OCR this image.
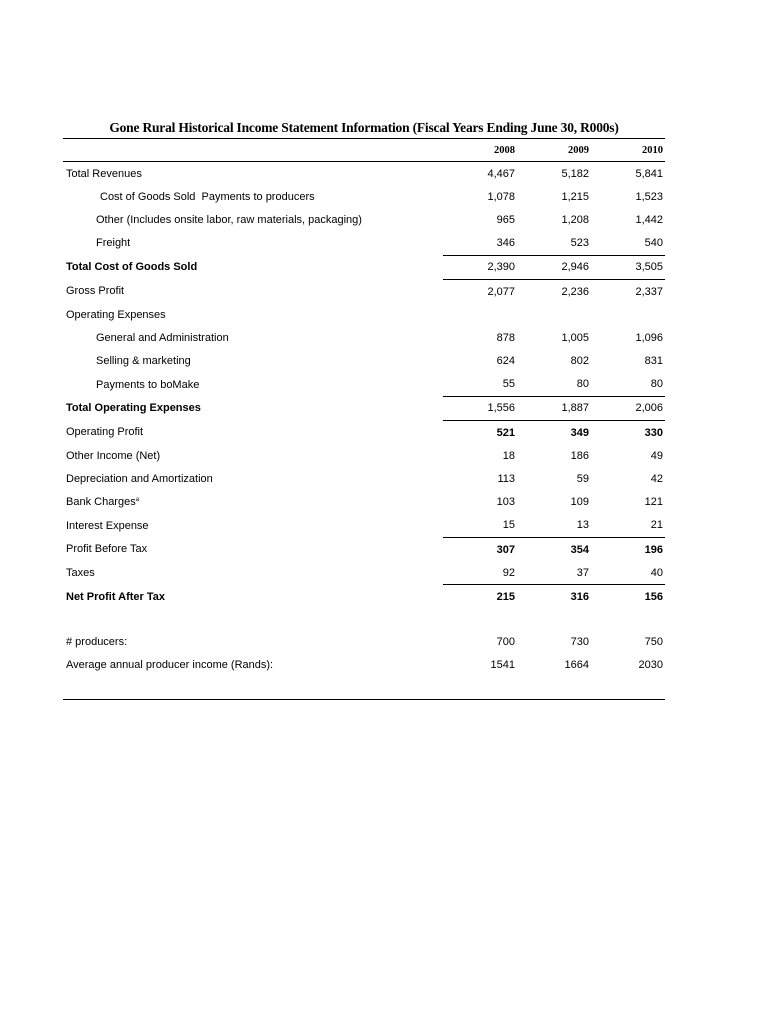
Gone Rural Historical Income Statement Information (Fiscal Years Ending June 30, R000s)
	2008	2009	2010
Total Revenues	4,467	5,182	5,841
Cost of Goods Sold  Payments to producers	1,078	1,215	1,523
Other (Includes onsite labor, raw materials, packaging)	965	1,208	1,442
Freight	346	523	540
Total Cost of Goods Sold	2,390	2,946	3,505
Gross Profit	2,077	2,236	2,337
Operating Expenses			
General and Administration	878	1,005	1,096
Selling & marketing	624	802	831
Payments to boMake	55	80	80
Total Operating Expenses	1,556	1,887	2,006
Operating Profit	521	349	330
Other Income (Net)	18	186	49
Depreciation and Amortization	113	59	42
Bank Charges$^a$	103	109	121
Interest Expense	15	13	21
Profit Before Tax	307	354	196
Taxes	92	37	40
Net Profit After Tax	215	316	156

# producers:	700	730	750
Average annual producer income (Rands):	1541	1664	2030
